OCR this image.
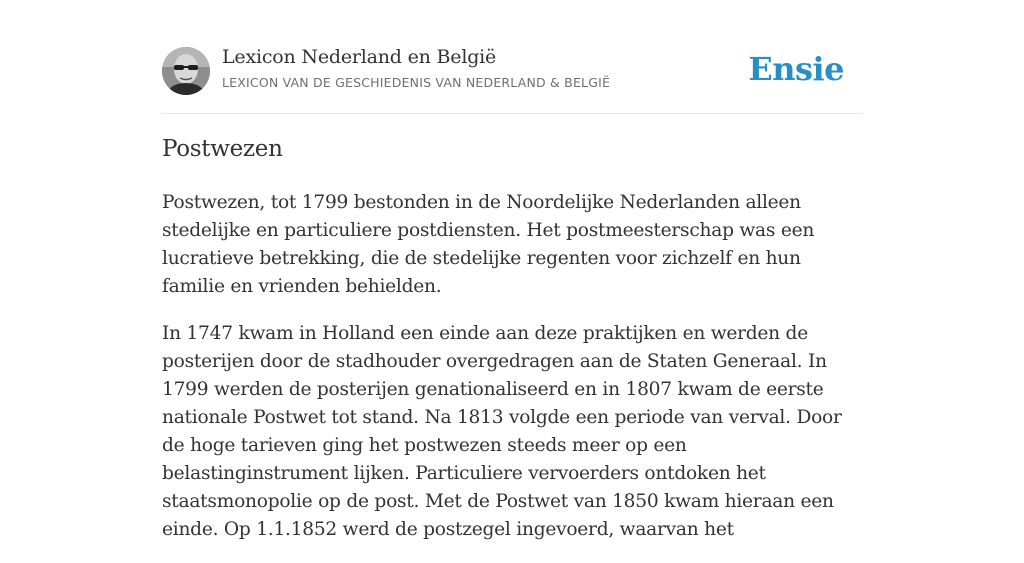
Lexicon Nederland en België
LEXICON VAN DE GESCHIEDENIS VAN NEDERLAND & BELGIË	Ensie
Postwezen

Postwezen, tot 1799 bestonden in de Noordelijke Nederlanden alleen stedelijke en particuliere postdiensten. Het postmeesterschap was een lucratieve betrekking, die de stedelijke regenten voor zichzelf en hun familie en vrienden behielden.

In 1747 kwam in Holland een einde aan deze praktijken en werden de posterijen door de stadhouder overgedragen aan de Staten Generaal. In 1799 werden de posterijen genationaliseerd en in 1807 kwam de eerste nationale Postwet tot stand. Na 1813 volgde een periode van verval. Door de hoge tarieven ging het postwezen steeds meer op een belastinginstrument lijken. Particuliere vervoerders ontdoken het staatsmonopolie op de post. Met de Postwet van 1850 kwam hieraan een einde. Op 1.1.1852 werd de postzegel ingevoerd, waarvan het
